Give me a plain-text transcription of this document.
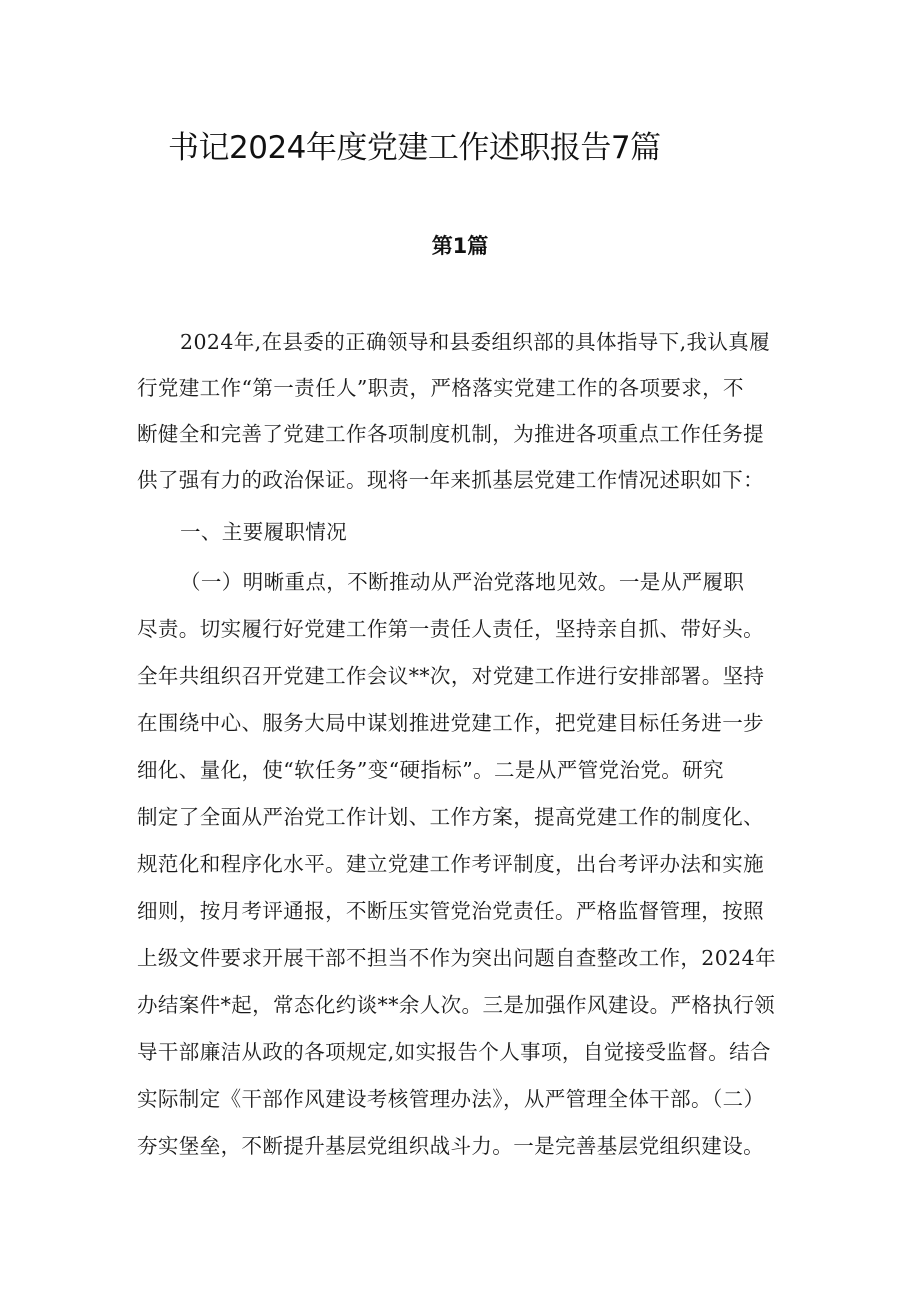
书记2024年度党建工作述职报告7篇
第1篇
2024年,在县委的正确领导和县委组织部的具体指导下,我认真履
行党建工作“第一责任人”职责，严格落实党建工作的各项要求，不
断健全和完善了党建工作各项制度机制，为推进各项重点工作任务提
供了强有力的政治保证。现将一年来抓基层党建工作情况述职如下：
一、主要履职情况
（一）明晰重点，不断推动从严治党落地见效。一是从严履职
尽责。切实履行好党建工作第一责任人责任，坚持亲自抓、带好头。
全年共组织召开党建工作会议**次，对党建工作进行安排部署。坚持
在围绕中心、服务大局中谋划推进党建工作，把党建目标任务进一步
细化、量化，使“软任务”变“硬指标”。二是从严管党治党。研究
制定了全面从严治党工作计划、工作方案，提高党建工作的制度化、
规范化和程序化水平。建立党建工作考评制度，出台考评办法和实施
细则，按月考评通报，不断压实管党治党责任。严格监督管理，按照
上级文件要求开展干部不担当不作为突出问题自查整改工作，2024年
办结案件*起，常态化约谈**余人次。三是加强作风建设。严格执行领
导干部廉洁从政的各项规定,如实报告个人事项，自觉接受监督。结合
实际制定《干部作风建设考核管理办法》，从严管理全体干部。（二）
夯实堡垒，不断提升基层党组织战斗力。一是完善基层党组织建设。
